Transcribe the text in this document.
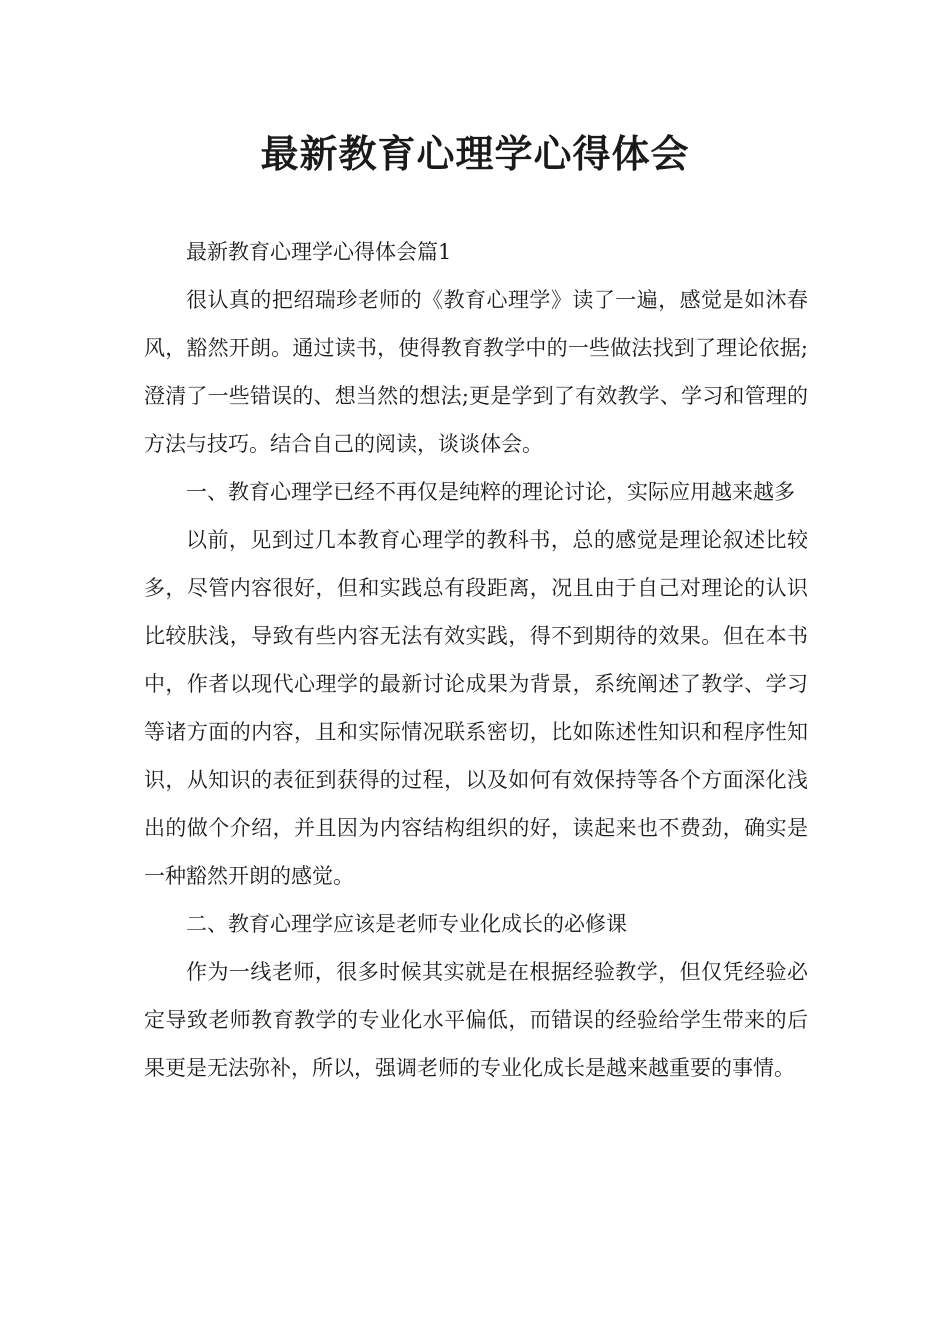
最新教育心理学心得体会

最新教育心理学心得体会篇1

很认真的把绍瑞珍老师的《教育心理学》读了一遍，感觉是如沐春风，豁然开朗。通过读书，使得教育教学中的一些做法找到了理论依据;澄清了一些错误的、想当然的想法;更是学到了有效教学、学习和管理的方法与技巧。结合自己的阅读，谈谈体会。

一、教育心理学已经不再仅是纯粹的理论讨论，实际应用越来越多

以前，见到过几本教育心理学的教科书，总的感觉是理论叙述比较多，尽管内容很好，但和实践总有段距离，况且由于自己对理论的认识比较肤浅，导致有些内容无法有效实践，得不到期待的效果。但在本书中，作者以现代心理学的最新讨论成果为背景，系统阐述了教学、学习等诸方面的内容，且和实际情况联系密切，比如陈述性知识和程序性知识，从知识的表征到获得的过程，以及如何有效保持等各个方面深化浅出的做个介绍，并且因为内容结构组织的好，读起来也不费劲，确实是一种豁然开朗的感觉。

二、教育心理学应该是老师专业化成长的必修课

作为一线老师，很多时候其实就是在根据经验教学，但仅凭经验必定导致老师教育教学的专业化水平偏低，而错误的经验给学生带来的后果更是无法弥补，所以，强调老师的专业化成长是越来越重要的事情。
